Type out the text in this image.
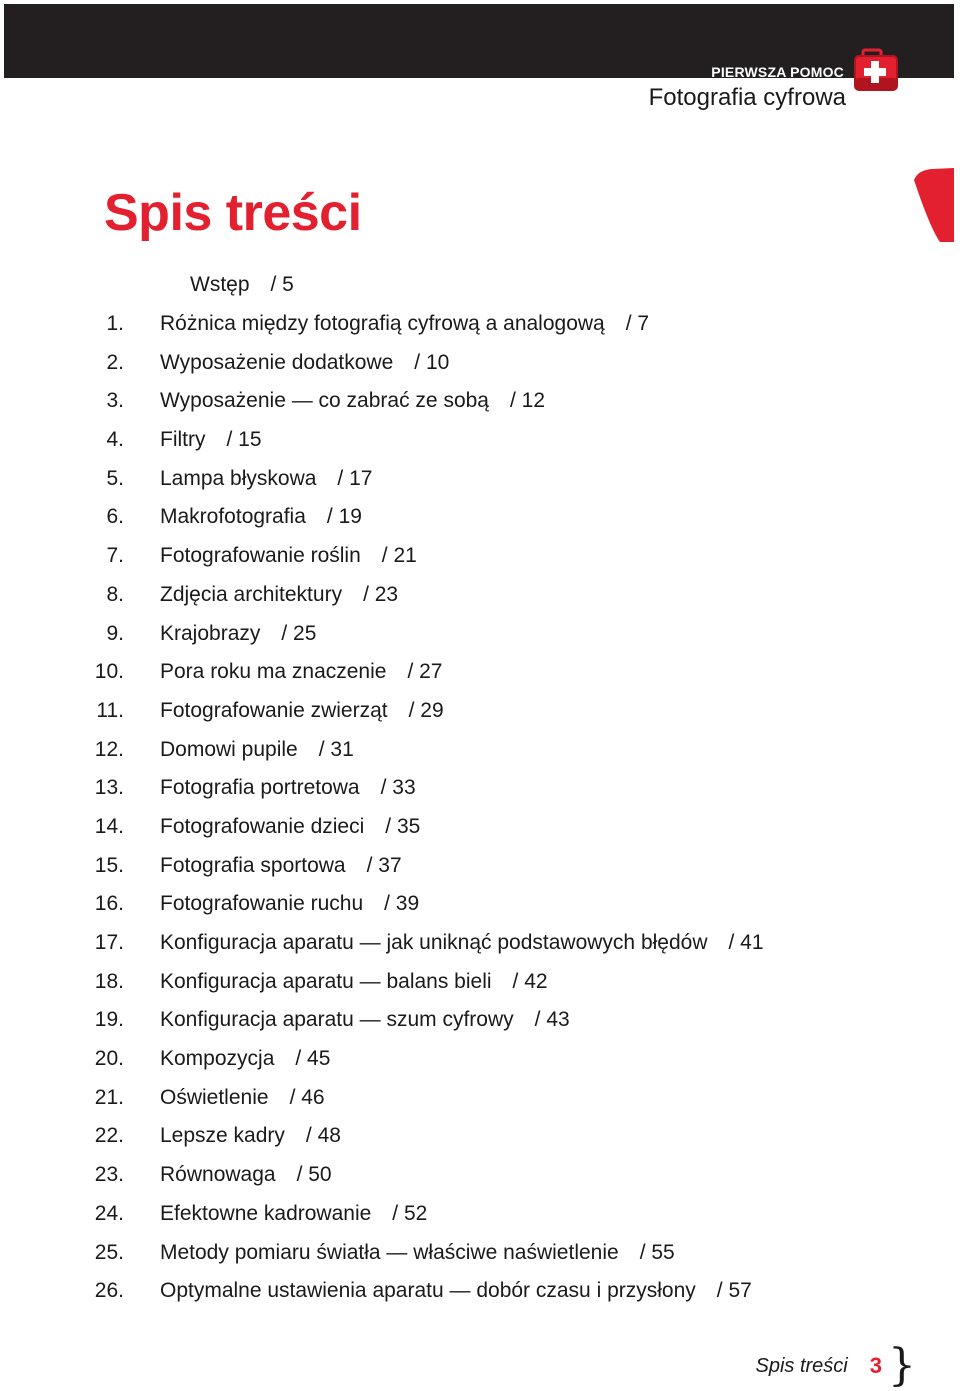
PIERWSZA POMOC
Fotografia cyfrowa
Spis treści
Wstęp / 5
1.	Różnica między fotografią cyfrową a analogową / 7
2.	Wyposażenie dodatkowe / 10
3.	Wyposażenie — co zabrać ze sobą / 12
4.	Filtry / 15
5.	Lampa błyskowa / 17
6.	Makrofotografia / 19
7.	Fotografowanie roślin / 21
8.	Zdjęcia architektury / 23
9.	Krajobrazy / 25
10.	Pora roku ma znaczenie / 27
11.	Fotografowanie zwierząt / 29
12.	Domowi pupile / 31
13.	Fotografia portretowa / 33
14.	Fotografowanie dzieci / 35
15.	Fotografia sportowa / 37
16.	Fotografowanie ruchu / 39
17.	Konfiguracja aparatu — jak uniknąć podstawowych błędów / 41
18.	Konfiguracja aparatu — balans bieli / 42
19.	Konfiguracja aparatu — szum cyfrowy / 43
20.	Kompozycja / 45
21.	Oświetlenie / 46
22.	Lepsze kadry / 48
23.	Równowaga / 50
24.	Efektowne kadrowanie / 52
25.	Metody pomiaru światła — właściwe naświetlenie / 55
26.	Optymalne ustawienia aparatu — dobór czasu i przysłony / 57
Spis treści 3 }
